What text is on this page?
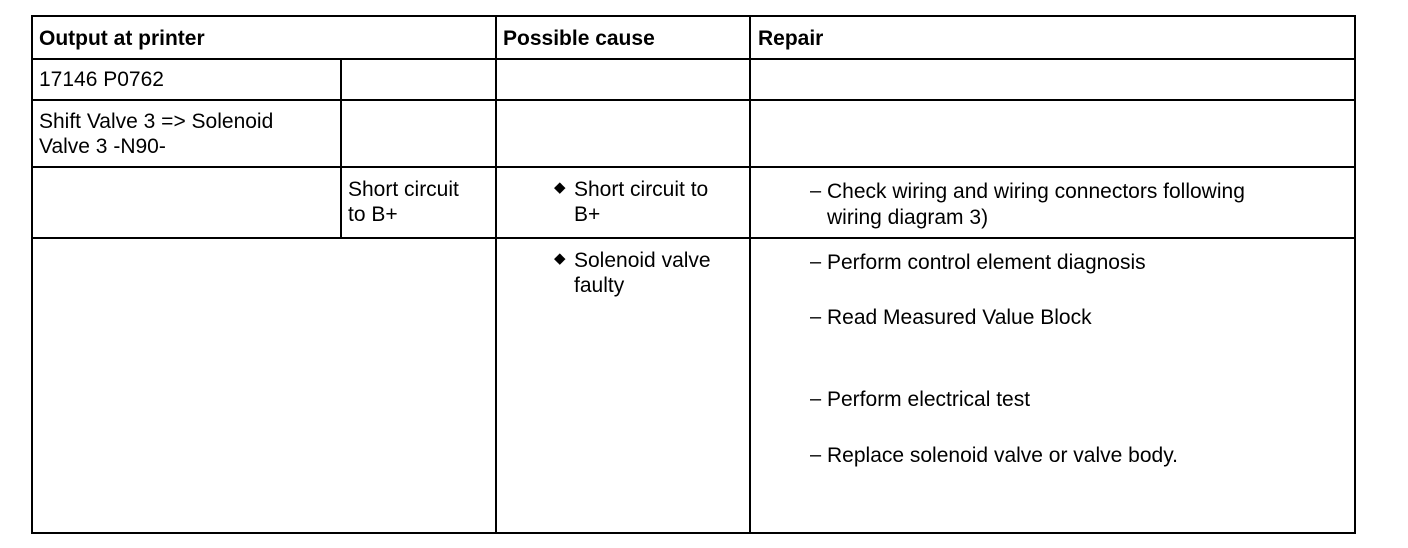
Output at printer	Possible cause	Repair
17146 P0762
Shift Valve 3 => Solenoid
Valve 3 -N90-
Short circuit
to B+
◆ Short circuit to
B+
– Check wiring and wiring connectors following
wiring diagram 3)
◆ Solenoid valve
faulty
– Perform control element diagnosis
– Read Measured Value Block
– Perform electrical test
– Replace solenoid valve or valve body.
